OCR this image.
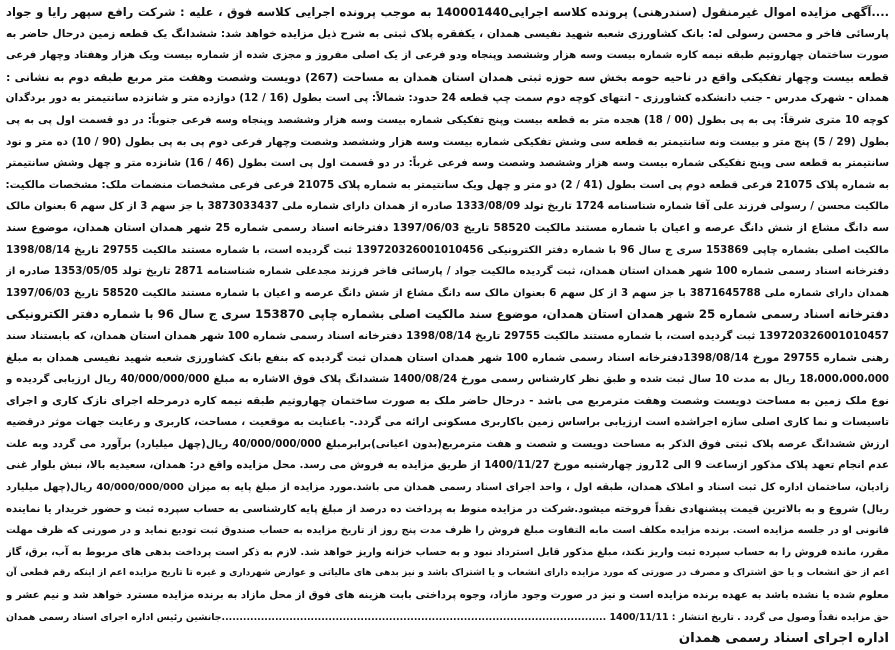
....آگهی مزایده اموال غیرمنقول (سندرهنی) پرونده کلاسه اجرایی140001440 به موجب پرونده اجرایی کلاسه فوق ، علیه : شرکت رافع سپهر رایا و جواد
پارسائی فاخر و محسن رسولی له: بانک کشاورزی شعبه شهید نفیسی همدان ، یکفقره پلاک ثبتی به شرح ذیل مزایده خواهد شد: ششدانگ یک قطعه زمین درحال حاضر به
صورت ساختمان چهاروتیم طبقه نیمه کاره شماره بیست وسه هزار وششصد وپنجاه ودو فرعی از یک اصلی مفروز و مجزی شده از شماره بیست ویک هزار وهفتاد وچهار فرعی
قطعه بیست وچهار تفکیکی واقع در ناحیه حومه بخش سه حوزه ثبتی همدان استان همدان به مساحت (267) دویست وشصت وهفت متر مربع طبقه دوم به نشانی :
همدان - شهرک مدرس - جنب دانشکده کشاورزی - انتهای کوچه دوم سمت چپ قطعه 24 حدود: شمالاً: پی است بطول (16 / 12) دوازده متر و شانزده سانتیمتر به دور بردگدان
کوچه 10 متری شرقاً: پی به پی بطول (00 / 18) هجده متر به قطعه بیست وپنج تفکیکی شماره بیست وسه هزار وششصد وپنجاه وسه فرعی جنوباً: در دو قسمت اول پی به پی
بطول (29 / 5) پنج متر و بیست ونه سانتیمتر به قطعه سی وشش تفکیکی شماره بیست وسه هزار وششصد وشصت وچهار فرعی دوم پی به پی بطول (90 / 10) ده متر و نود
سانتیمتر به قطعه سی وپنج تفکیکی شماره بیست وسه هزار وششصد وشصت وسه فرعی غرباً: در دو قسمت اول پی است بطول (46 / 16) شانزده متر و چهل وشش سانتیمتر
به شماره پلاک 21075 فرعی قطعه دوم پی است بطول (41 / 2) دو متر و چهل ویک سانتیمتر به شماره پلاک 21075 فرعی فرعی مشخصات منضمات ملک: مشخصات مالکیت:
مالکیت محسن / رسولی فرزند علی آقا شماره شناسنامه 1724 تاریخ تولد 1333/08/09 صادره از همدان دارای شماره ملی 3873033437 با جز سهم 3 از کل سهم 6 بعنوان مالک
سه دانگ مشاع از شش دانگ عرصه و اعیان با شماره مستند مالکیت 58520 تاریخ 1397/06/03 دفترخانه اسناد رسمی شماره 25 شهر همدان استان همدان، موضوع سند
مالکیت اصلی بشماره چاپی 153869 سری ج سال 96 با شماره دفتر الکترونیکی 139720326001010456 ثبت گردیده است، با شماره مستند مالکیت 29755 تاریخ 1398/08/14
دفترخانه اسناد رسمی شماره 100 شهر همدان استان همدان، ثبت گردیده مالکیت جواد / پارسائی فاخر فرزند مجدعلی شماره شناسنامه 2871 تاریخ تولد 1353/05/05 صادره از
همدان دارای شماره ملی 3871645788 با جز سهم 3 از کل سهم 6 بعنوان مالک سه دانگ مشاع از شش دانگ عرصه و اعیان با شماره مستند مالکیت 58520 تاریخ 1397/06/03
دفترخانه اسناد رسمی شماره 25 شهر همدان استان همدان، موضوع سند مالکیت اصلی بشماره چاپی 153870 سری ج سال 96 با شماره دفتر الکترونیکی
139720326001010457 ثبت گردیده است، با شماره مستند مالکیت 29755 تاریخ 1398/08/14 دفترخانه اسناد رسمی شماره 100 شهر همدان استان همدان، که بابستناد سند
رهنی شماره 29755 مورخ 1398/08/14دفترخانه اسناد رسمی شماره 100 شهر همدان استان همدان ثبت گردیده که بنفع بانک کشاورزی شعبه شهید نفیسی همدان به مبلغ
18،000،000،000 ریال به مدت 10 سال ثبت شده و طبق نظر کارشناس رسمی مورخ 1400/08/24 ششدانگ پلاک فوق الاشاره به مبلغ 40/000/000/000 ریال ارزیابی گردیده و
نوع ملک زمین به مساحت دویست وشصت وهفت مترمربع می باشد - درحال حاضر ملک به صورت ساختمان چهاروتیم طبقه نیمه کاره درمرحله اجرای نازک کاری و اجرای
تاسیسات و نما کاری اصلی سازه اجراشده است ارزیابی براساس زمین باکاربری مسکونی ارائه می گردد.- باعنایت به موقعیت ، مساحت، کاربری و رعایت جهات موثر درقضیه
ارزش ششدانگ عرصه پلاک ثبتی فوق الذکر به مساحت دویست و شصت و هفت مترمربع(بدون اعیانی)برابرمبلغ 40/000/000/000 ریال(چهل میلیارد) برآورد می گردد وبه علت
عدم انجام تعهد پلاک مذکور ازساعت 9 الی 12روز چهارشنبه مورخ 1400/11/27 از طریق مزایده به فروش می رسد. محل مزایده واقع در: همدان، سعیدیه بالا، نبش بلوار غنی
زادیان، ساختمان اداره کل ثبت اسناد و املاک همدان، طبقه اول ، واحد اجرای اسناد رسمی همدان می باشد.مورد مزایده از مبلغ پایه به میزان 40/000/000/000 ریال(چهل میلیارد
ریال) شروع و به بالاترین قیمت پیشنهادی نقداً فروخته میشود.شرکت در مزایده منوط به پرداخت ده درصد از مبلغ پایه کارشناسی به حساب سپرده ثبت و حضور خریدار یا نماینده
قانونی او در جلسه مزایده است. برنده مزایده مکلف است مابه التفاوت مبلغ فروش را ظرف مدت پنج روز از تاریخ مزایده به حساب صندوق ثبت تودیع نماید و در صورتی که ظرف مهلت
مقرر، مانده فروش را به حساب سپرده ثبت واریز نکند، مبلغ مذکور قابل استرداد نبود و به حساب خزانه واریز خواهد شد. لازم به ذکر است پرداخت بدهی های مربوط به آب، برق، گاز
اعم از حق انشعاب و یا حق اشتراک و مصرف در صورتی که مورد مزایده دارای انشعاب و یا اشتراک باشد و نیز بدهی های مالیاتی و عوارض شهرداری و غیره تا تاریخ مزایده اعم از اینکه رقم قطعی آن
معلوم شده یا نشده باشد به عهده برنده مزایده است و نیز در صورت وجود مازاد، وجوه پرداختی بابت هزینه های فوق از محل مازاد به برنده مزایده مسترد خواهد شد و نیم عشر و
حق مزایده نقداً وصول می گردد . تاریخ انتشار : 1400/11/11 ............................................................................................................جانشین رئیس اداره اجرای اسناد رسمی همدان
اداره اجرای اسناد رسمی همدان
